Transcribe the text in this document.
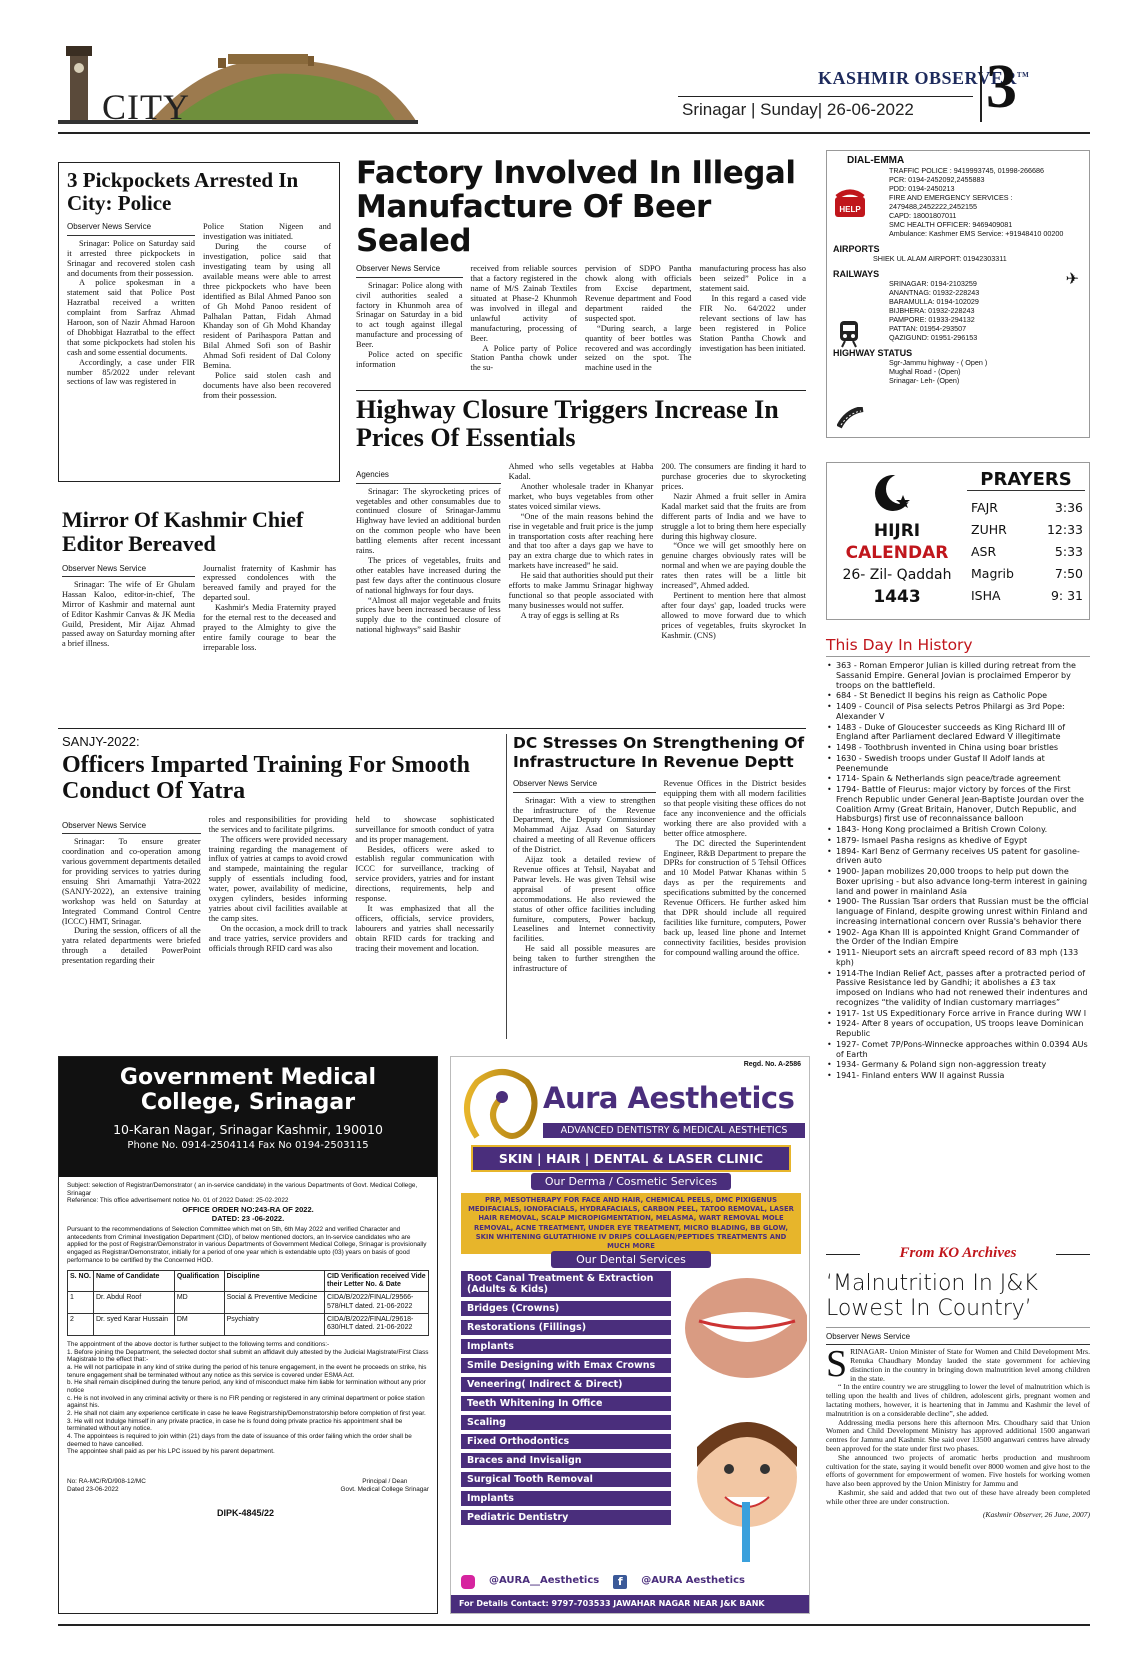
CITY
KASHMIR OBSERVER™
Srinagar | Sunday| 26-06-2022 3
3 Pickpockets Arrested In City: Police
Observer News Service

Srinagar: Police on Saturday said it arrested three pickpockets in Srinagar and recovered stolen cash and documents from their possession.

A police spokesman in a statement said that Police Post Hazratbal received a written complaint from Sarfraz Ahmad Haroon, son of Nazir Ahmad Haroon of Dhobbigat Hazratbal to the effect that some pickpockets had stolen his cash and some essential documents.

Accordingly, a case under FIR number 85/2022 under relevant sections of law was registered in

Police Station Nigeen and investigation was initiated.

During the course of investigation, police said that investigating team by using all available means were able to arrest three pickpockets who have been identified as Bilal Ahmed Panoo son of Gh Mohd Panoo resident of Palhalan Pattan, Fidah Ahmad Khanday son of Gh Mohd Khanday resident of Parihaspora Pattan and Bilal Ahmed Sofi son of Bashir Ahmad Sofi resident of Dal Colony Bemina.

Police said stolen cash and documents have also been recovered from their possession.

Factory Involved In Illegal Manufacture Of Beer Sealed
Observer News Service

Srinagar: Police along with civil authorities sealed a factory in Khunmoh area of Srinagar on Saturday in a bid to act tough against illegal manufacture and processing of Beer.

Police acted on specific information

received from reliable sources that a factory registered in the name of M/S Zainab Textiles situated at Phase-2 Khunmoh was involved in illegal and unlawful activity of manufacturing, processing of Beer.

A Police party of Police Station Pantha chowk under the su-

pervision of SDPO Pantha chowk along with officials from Excise department, Revenue department and Food department raided the suspected spot.

“During search, a large quantity of beer bottles was recovered and was accordingly seized on the spot. The machine used in the

manufacturing process has also been seized” Police in a statement said.

In this regard a cased vide FIR No. 64/2022 under relevant sections of law has been registered in Police Station Pantha Chowk and investigation has been initiated.

Highway Closure Triggers Increase In Prices Of Essentials
Agencies

Srinagar: The skyrocketing prices of vegetables and other consumables due to continued closure of Srinagar-Jammu Highway have levied an additional burden on the common people who have been battling elements after recent incessant rains.

The prices of vegetables, fruits and other eatables have increased during the past few days after the continuous closure of national highways for four days.

“Almost all major vegetable and fruits prices have been increased because of less supply due to the continued closure of national highways” said Bashir

Ahmed who sells vegetables at Habba Kadal.

Another wholesale trader in Khanyar market, who buys vegetables from other states voiced similar views.

“One of the main reasons behind the rise in vegetable and fruit price is the jump in transportation costs after reaching here and that too after a days gap we have to pay an extra charge due to which rates in markets have increased” he said.

He said that authorities should put their efforts to make Jammu Srinagar highway functional so that people associated with many businesses would not suffer.

A tray of eggs is selling at Rs

200. The consumers are finding it hard to purchase groceries due to skyrocketing prices.

Nazir Ahmed a fruit seller in Amira Kadal market said that the fruits are from different parts of India and we have to struggle a lot to bring them here especially during this highway closure.

“Once we will get smoothly here on genuine charges obviously rates will be normal and when we are paying double the rates then rates will be a little bit increased”, Ahmed added.

Pertinent to mention here that almost after four days' gap, loaded trucks were allowed to move forward due to which prices of vegetables, fruits skyrocket In Kashmir. (CNS)

Mirror Of Kashmir Chief Editor Bereaved
Observer News Service

Srinagar: The wife of Er Ghulam Hassan Kaloo, editor-in-chief, The Mirror of Kashmir and maternal aunt of Editor Kashmir Canvas & JK Media Guild, President, Mir Aijaz Ahmad passed away on Saturday morning after a brief illness.

Journalist fraternity of Kashmir has expressed condolences with the bereaved family and prayed for the departed soul.

Kashmir's Media Fraternity prayed for the eternal rest to the deceased and prayed to the Almighty to give the entire family courage to bear the irreparable loss.

SANJY-2022:
Officers Imparted Training For Smooth Conduct Of Yatra
Observer News Service

Srinagar: To ensure greater coordination and co-operation among various government departments detailed for providing services to yatries during ensuing Shri Amarnathji Yatra-2022 (SANJY-2022), an extensive training workshop was held on Saturday at Integrated Command Control Centre (ICCC) HMT, Srinagar.

During the session, officers of all the yatra related departments were briefed through a detailed PowerPoint presentation regarding their

roles and responsibilities for providing the services and to facilitate pilgrims.

The officers were provided necessary training regarding the management of influx of yatries at camps to avoid crowd and stampede, maintaining the regular supply of essentials including food, water, power, availability of medicine, oxygen cylinders, besides informing yatries about civil facilities available at the camp sites.

On the occasion, a mock drill to track and trace yatries, service providers and officials through RFID card was also

held to showcase sophisticated surveillance for smooth conduct of yatra and its proper management.

Besides, officers were asked to establish regular communication with ICCC for surveillance, tracking of service providers, yatries and for instant directions, requirements, help and response.

It was emphasized that all the officers, officials, service providers, labourers and yatries shall necessarily obtain RFID cards for tracking and tracing their movement and location.

DC Stresses On Strengthening Of Infrastructure In Revenue Deptt
Observer News Service

Srinagar: With a view to strengthen the infrastructure of the Revenue Department, the Deputy Commissioner Mohammad Aijaz Asad on Saturday chaired a meeting of all Revenue officers of the District.

Aijaz took a detailed review of Revenue offices at Tehsil, Nayabat and Patwar levels. He was given Tehsil wise appraisal of present office accommodations. He also reviewed the status of other office facilities including furniture, computers, Power backup, Leaselines and Internet connectivity facilities.

He said all possible measures are being taken to further strengthen the infrastructure of

Revenue Offices in the District besides equipping them with all modern facilities so that people visiting these offices do not face any inconvenience and the officials working there are also provided with a better office atmosphere.

The DC directed the Superintendent Engineer, R&B Department to prepare the DPRs for construction of 5 Tehsil Offices and 10 Model Patwar Khanas within 5 days as per the requirements and specifications submitted by the concerned Revenue Officers. He further asked him that DPR should include all required facilities like furniture, computers, Power back up, leased line phone and Internet connectivity facilities, besides provision for compound walling around the office.

DIAL-EMMA
HELP
TRAFFIC POLICE : 9419993745, 01998-266686
PCR: 0194-2452092,2455883
PDD: 0194-2450213
FIRE AND EMERGENCY SERVICES :
2479488,2452222,2452155
CAPD: 18001807011
SMC HEALTH OFFICER: 9469409081
Ambulance: Kashmer EMS Service: +91948410 00200
AIRPORTS
SHIEK UL ALAM AIRPORT: 01942303311
✈
RAILWAYS
SRINAGAR: 0194-2103259
ANANTNAG: 01932-228243
BARAMULLA: 0194-102029
BIJBHERA: 01932-228243
PAMPORE: 01933-294132
PATTAN: 01954-293507
QAZIGUND: 01951-296153
HIGHWAY STATUS
Sgr-Jammu highway - ( Open )
Mughal Road - (Open)
Srinagar- Leh- (Open)
HIJRI
CALENDAR
26- Zil- Qaddah
1443
PRAYERS
FAJR	3:36
ZUHR	12:33
ASR	5:33
Magrib	7:50
ISHA	9: 31
This Day In History
• 363 - Roman Emperor Julian is killed during retreat from the Sassanid Empire. General Jovian is proclaimed Emperor by troops on the battlefield.
• 684 - St Benedict II begins his reign as Catholic Pope
• 1409 - Council of Pisa selects Petros Philargi as 3rd Pope: Alexander V
• 1483 - Duke of Gloucester succeeds as King Richard III of England after Parliament declared Edward V illegitimate
• 1498 - Toothbrush invented in China using boar bristles
• 1630 - Swedish troops under Gustaf II Adolf lands at Peenemunde
• 1714- Spain & Netherlands sign peace/trade agreement
• 1794- Battle of Fleurus: major victory by forces of the First French Republic under General Jean-Baptiste Jourdan over the Coalition Army (Great Britain, Hanover, Dutch Republic, and Habsburgs) first use of reconnaissance balloon
• 1843- Hong Kong proclaimed a British Crown Colony.
• 1879- Ismael Pasha resigns as khedive of Egypt
• 1894- Karl Benz of Germany receives US patent for gasoline-driven auto
• 1900- Japan mobilizes 20,000 troops to help put down the Boxer uprising - but also advance long-term interest in gaining land and power in mainland Asia
• 1900- The Russian Tsar orders that Russian must be the official language of Finland, despite growing unrest within Finland and increasing international concern over Russia's behavior there
• 1902- Aga Khan III is appointed Knight Grand Commander of the Order of the Indian Empire
• 1911- Nieuport sets an aircraft speed record of 83 mph (133 kph)
• 1914-The Indian Relief Act, passes after a protracted period of Passive Resistance led by Gandhi; it abolishes a £3 tax imposed on Indians who had not renewed their indentures and recognizes “the validity of Indian customary marriages”
• 1917- 1st US Expeditionary Force arrive in France during WW I
• 1924- After 8 years of occupation, US troops leave Dominican Republic
• 1927- Comet 7P/Pons-Winnecke approaches within 0.0394 AUs of Earth
• 1934- Germany & Poland sign non-aggression treaty
• 1941- Finland enters WW II against Russia
From KO Archives
‘Malnutrition In J&K Lowest In Country’
Observer News Service

SRINAGAR- Union Minister of State for Women and Child Development Mrs. Renuka Chaudhary Monday lauded the state government for achieving distinction in the country in bringing down malnutrition level among children in the state.

“ In the entire country we are struggling to lower the level of malnutrition which is telling upon the health and lives of children, adolescent girls, pregnant women and lactating mothers, however, it is heartening that in Jammu and Kashmir the level of malnutrition is on a considerable decline”, she added.

Addressing media persons here this afternoon Mrs. Choudhary said that Union Women and Child Development Ministry has approved additional 1500 anganwari centres for Jammu and Kashmir. She said over 13500 anganwari centres have already been approved for the state under first two phases.

She announced two projects of aromatic herbs production and mushroom cultivation for the state, saying it would benefit over 8000 women and give host to the efforts of government for empowerment of women. Five hostels for working women have also been approved by the Union Ministry for Jammu and

Kashmir, she said and added that two out of these have already been completed while other three are under construction.

(Kashmir Observer, 26 June, 2007)
Government Medical College, Srinagar
10-Karan Nagar, Srinagar Kashmir, 190010
Phone No. 0914-2504114 Fax No 0194-2503115
Subject: selection of Registrar/Demonstrator ( an in-service candidate) in the various Departments of Govt. Medical College, Srinagar
Reference: This office advertisement notice No. 01 of 2022 Dated: 25-02-2022
OFFICE ORDER NO:243-RA OF 2022.
DATED: 23 -06-2022.
Pursuant to the recommendations of Selection Committee which met on 5th, 6th May 2022 and verified Character and antecedents from Criminal Investigation Department (CID), of below mentioned doctors, an In-service candidates who are applied for the post of Registrar/Demonstrator in various Departments of Government Medical College, Srinagar is provisionally engaged as Registrar/Demonstrator, initially for a period of one year which is extendable upto (03) years on basis of good performance to be certified by the Concerned HOD.
S. NO.	Name of Candidate	Qualification	Discipline	CID Verification received Vide their Letter No. & Date
1	Dr. Abdul Roof	MD	Social & Preventive Medicine	CIDA/B/2022/FINAL/29566-578/HLT dated. 21-06-2022
2	Dr. syed Karar Hussain	DM	Psychiatry	CIDA/B/2022/FINAL/29618-630/HLT dated. 21-06-2022
The appointment of the above doctor is further subject to the following terms and conditions:-
1. Before joining the Department, the selected doctor shall submit an affidavit duly attested by the Judicial Magistrate/First Class Magistrate to the effect that:-
a. He will not participate in any kind of strike during the period of his tenure engagement, in the event he proceeds on strike, his tenure engagement shall be terminated without any notice as this service is covered under ESMA Act.
b. He shall remain disciplined during the tenure period, any kind of misconduct make him liable for termination without any prior notice
c. He is not involved in any criminal activity or there is no FIR pending or registered in any criminal department or police station against his.
2. He shall not claim any experience certificate in case he leave Registrarship/Demonstratorship before completion of first year.
3. He will not Indulge himself in any private practice, in case he is found doing private practice his appointment shall be terminated without any notice.
4. The appointees is required to join within (21) days from the date of issuance of this order failing which the order shall be deemed to have cancelled.
The appointee shall paid as per his LPC issued by his parent department.
No: RA-MC/R/D/908-12/MC
Dated 23-06-2022
Principal / Dean
Govt. Medical College Srinagar
DIPK-4845/22
Regd. No. A-2586
Aura Aesthetics
ADVANCED DENTISTRY & MEDICAL AESTHETICS
SKIN | HAIR | DENTAL & LASER CLINIC
Our Derma / Cosmetic Services
PRP, MESOTHERAPY FOR FACE AND HAIR, CHEMICAL PEELS, DMC PIXIGENUS MEDIFACIALS, IONOFACIALS, HYDRAFACIALS, CARBON PEEL, TATOO REMOVAL, LASER HAIR REMOVAL, SCALP MICROPIGMENTATION, MELASMA, WART REMOVAL MOLE REMOVAL, ACNE TREATMENT, UNDER EYE TREATMENT, MICRO BLADING, BB GLOW, SKIN WHITENING GLUTATHIONE IV DRIPS COLLAGEN/PEPTIDES TREATMENTS AND MUCH MORE
Our Dental Services
Root Canal Treatment & Extraction (Adults & Kids)
Bridges (Crowns)
Restorations (Fillings)
Implants
Smile Designing with Emax Crowns
Veneering( Indirect & Direct)
Teeth Whitening In Office
Scaling
Fixed Orthodontics
Braces and Invisalign
Surgical Tooth Removal
Implants
Pediatric Dentistry
@AURA__Aesthetics	f	@AURA Aesthetics
For Details Contact: 9797-703533 JAWAHAR NAGAR NEAR J&K BANK
